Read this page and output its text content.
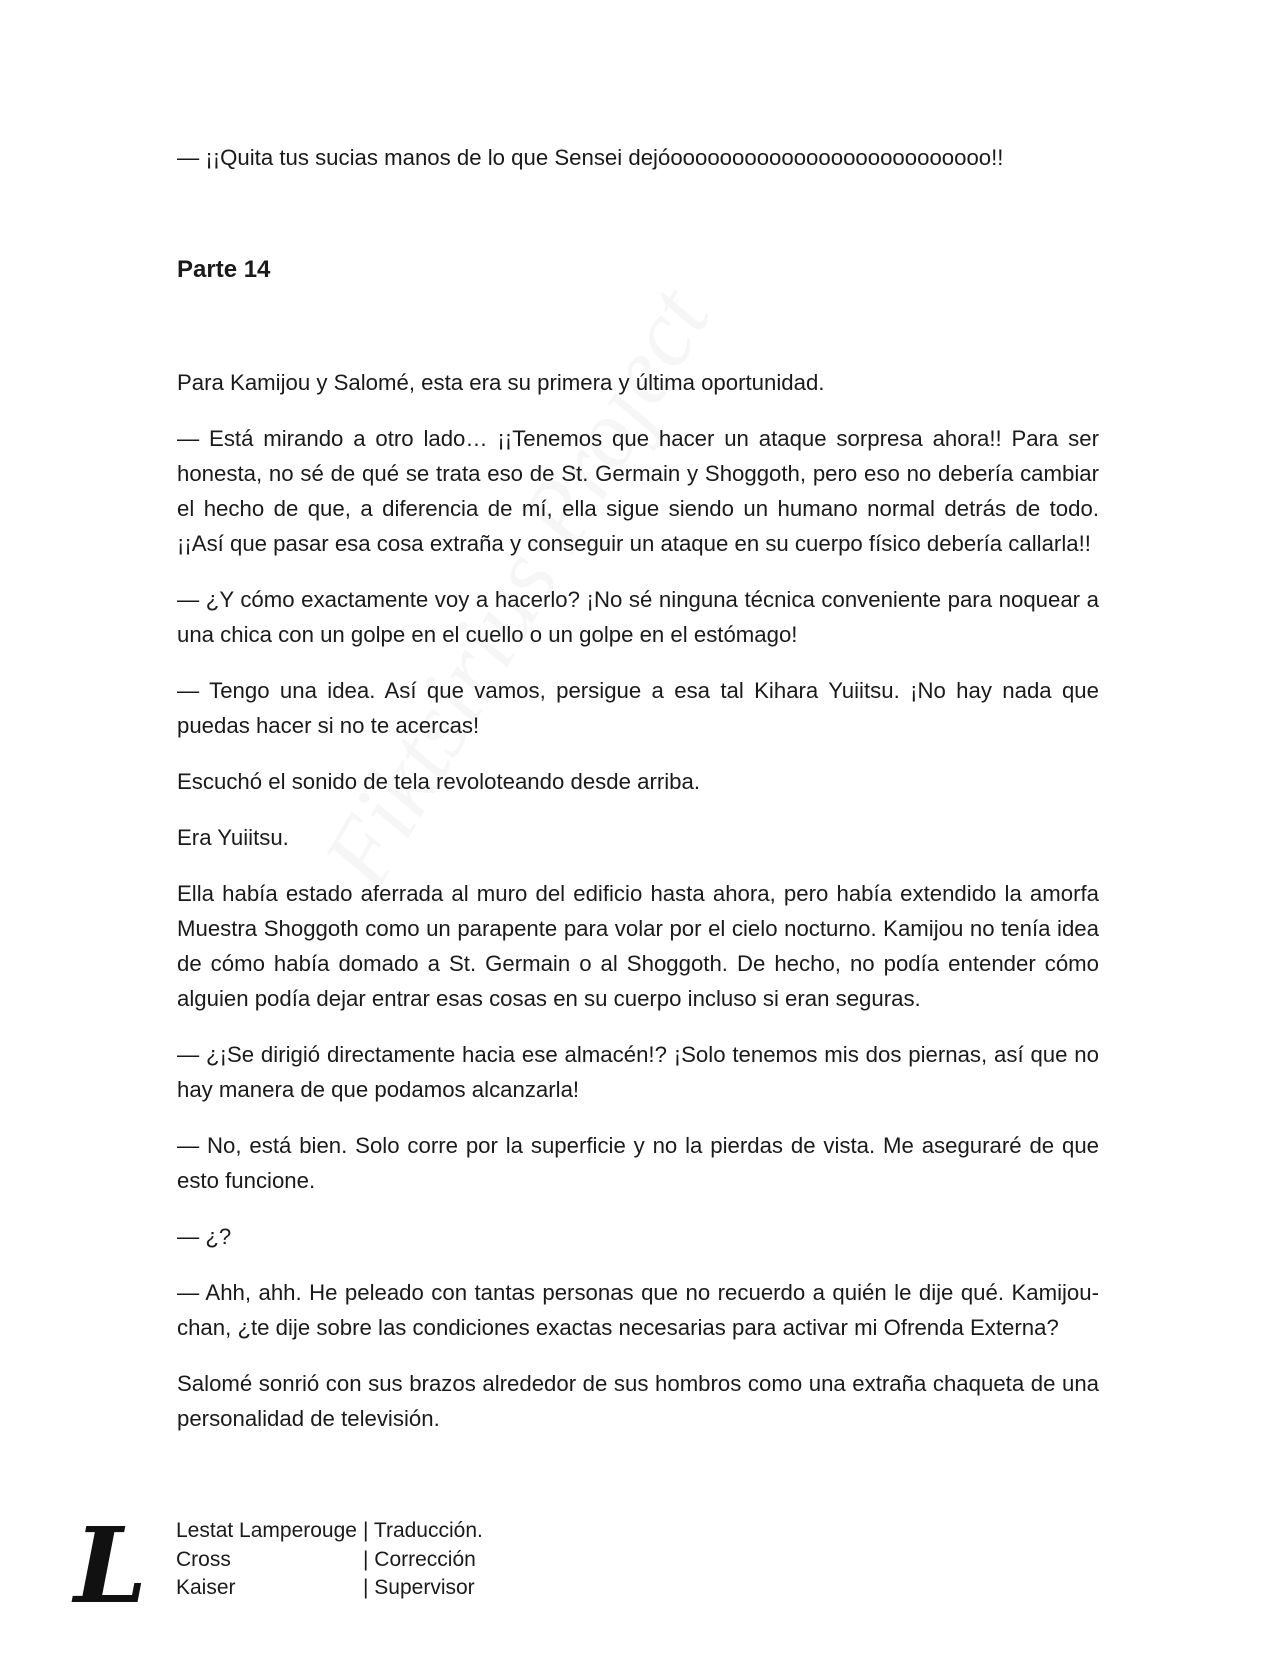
— ¡¡Quita tus sucias manos de lo que Sensei dejóoooooooooooooooooooooooooo!!

Parte 14

Para Kamijou y Salomé, esta era su primera y última oportunidad.

— Está mirando a otro lado… ¡¡Tenemos que hacer un ataque sorpresa ahora!! Para ser honesta, no sé de qué se trata eso de St. Germain y Shoggoth, pero eso no debería cambiar el hecho de que, a diferencia de mí, ella sigue siendo un humano normal detrás de todo. ¡¡Así que pasar esa cosa extraña y conseguir un ataque en su cuerpo físico debería callarla!!

— ¿Y cómo exactamente voy a hacerlo? ¡No sé ninguna técnica conveniente para noquear a una chica con un golpe en el cuello o un golpe en el estómago!

— Tengo una idea. Así que vamos, persigue a esa tal Kihara Yuiitsu. ¡No hay nada que puedas hacer si no te acercas!

Escuchó el sonido de tela revoloteando desde arriba.

Era Yuiitsu.

Ella había estado aferrada al muro del edificio hasta ahora, pero había extendido la amorfa Muestra Shoggoth como un parapente para volar por el cielo nocturno. Kamijou no tenía idea de cómo había domado a St. Germain o al Shoggoth. De hecho, no podía entender cómo alguien podía dejar entrar esas cosas en su cuerpo incluso si eran seguras.

— ¿¡Se dirigió directamente hacia ese almacén!? ¡Solo tenemos mis dos piernas, así que no hay manera de que podamos alcanzarla!

— No, está bien. Solo corre por la superficie y no la pierdas de vista. Me aseguraré de que esto funcione.

— ¿?

— Ahh, ahh. He peleado con tantas personas que no recuerdo a quién le dije qué. Kamijou-chan, ¿te dije sobre las condiciones exactas necesarias para activar mi Ofrenda Externa?

Salomé sonrió con sus brazos alrededor de sus hombros como una extraña chaqueta de una personalidad de televisión.

L	Lestat Lamperouge | Traducción.
Cross	| Corrección
Kaiser	| Supervisor
